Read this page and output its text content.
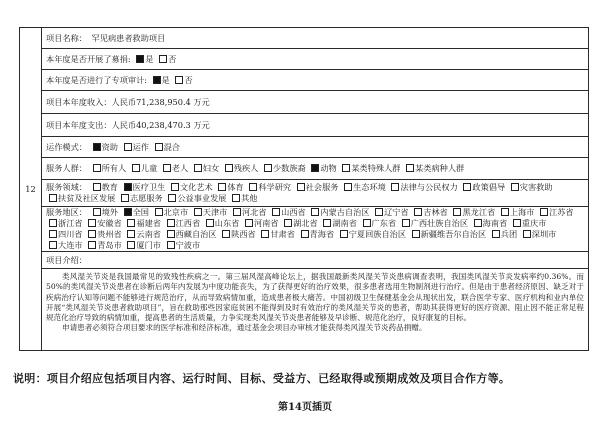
12	项目名称： 罕见病患者救助项目
本年度是否开展了募捐: 是 否
本年度是否进行了专项审计: 是 否
项目本年度收入：人民币71,238,950.4 万元
项目本年度支出：人民币40,238,470.3 万元
运作模式： 资助 运作 混合
服务人群： 所有人 儿童 老人 妇女 残疾人 少数族裔 动物 某类特殊人群 某类病种人群
服务领域： 教育 医疗卫生 文化艺术 体育 科学研究 社会服务 生态环境 法律与公民权力 政策倡导 灾害救助 扶贫及社区发展 志愿服务 公益事业发展 其他
服务地区： 境外 全国 北京市 天津市 河北省 山西省 内蒙古自治区 辽宁省 吉林省 黑龙江省 上海市 江苏省 浙江省 安徽省 福建省 江西省 山东省 河南省 湖北省 湖南省 广东省 广西壮族自治区 海南省 重庆市 四川省 贵州省 云南省 西藏自治区 陕西省 甘肃省 青海省 宁夏回族自治区 新疆维吾尔自治区 兵团 深圳市 大连市 青岛市 厦门市 宁波市
项目介绍：

类风湿关节炎是我国最常见的致残性疾病之一。第三届风湿高峰论坛上，据我国最新类风湿关节炎患病调查表明，我国类风湿关节炎发病率约0.36%。而50%的类风湿关节炎患者在诊断后两年内发展为中度功能丧失，为了获得更好的治疗效果，很多患者选用生物制剂进行治疗。但是由于患者经济原因、缺乏对于疾病治疗认知等问题不能够进行规范治疗，从而导致病情加重，造成患者极大痛苦。中国初级卫生保健基金会从现状出发，联合医学专家、医疗机构和业内单位开展“类风湿关节炎患者救助项目”，旨在救助那些因家庭贫困不能得到及时有效治疗的类风湿关节炎的患者，帮助其获得更好的医疗资源、阻止因不能正常足程规范化治疗导致的病情加重，提高患者的生活质量，力争实现类风湿关节炎患者能够及早诊断、规范化治疗，良好康复的目标。

申请患者必须符合项目要求的医学标准和经济标准，通过基金会项目办审核才能获得类风湿关节炎药品捐赠。

说明：项目介绍应包括项目内容、运行时间、目标、受益方、已经取得或预期成效及项目合作方等。
第14页插页
